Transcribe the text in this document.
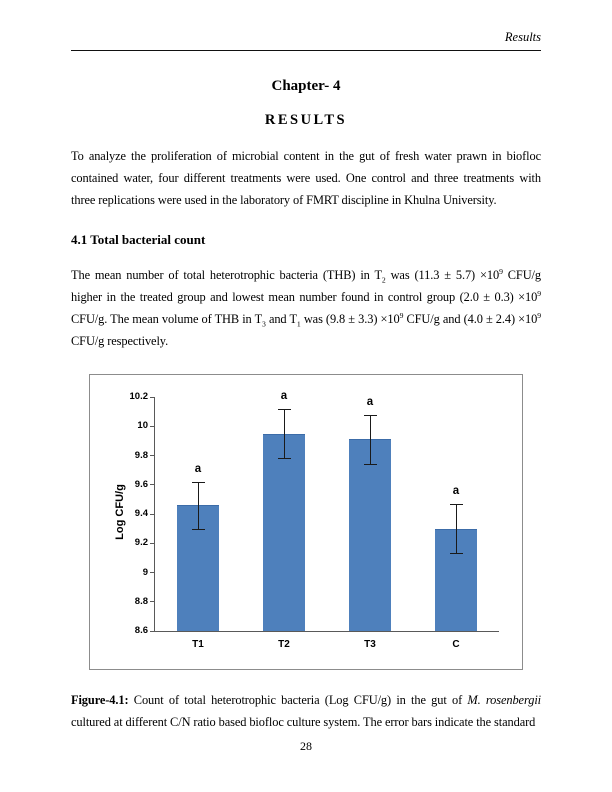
Results
Chapter- 4
RESULTS

To analyze the proliferation of microbial content in the gut of fresh water prawn in biofloc contained water, four different treatments were used. One control and three treatments with three replications were used in the laboratory of FMRT discipline in Khulna University.

4.1 Total bacterial count

The mean number of total heterotrophic bacteria (THB) in $T_2$ was $(11.3 \pm 5.7) \times 10^9$ CFU/g higher in the treated group and lowest mean number found in control group $(2.0 \pm 0.3) \times 10^9$ CFU/g. The mean volume of THB in $T_3$ and $T_1$ was $(9.8 \pm 3.3) \times 10^9$ CFU/g and $(4.0 \pm 2.4) \times 10^9$ CFU/g respectively.

8.6
8.8
9
9.2
9.4
9.6
9.8
10
10.2
a
T1
a
T2
a
T3
a
C
Log CFU/g

Figure-4.1: Count of total heterotrophic bacteria (Log CFU/g) in the gut of M. rosenbergii cultured at different C/N ratio based biofloc culture system. The error bars indicate the standard

28
